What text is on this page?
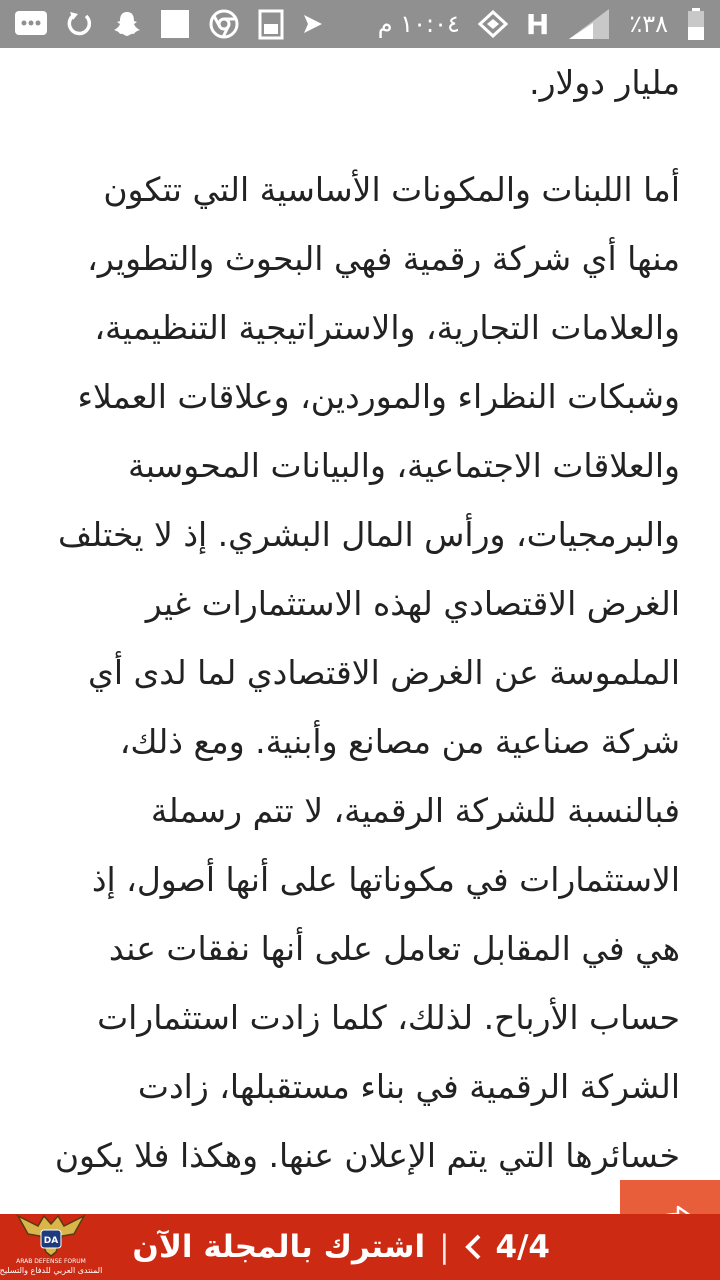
١٠:٠٤ م H	٪٣٨

مليار دولار.

أما اللبنات والمكونات الأساسية التي تتكون منها أي شركة رقمية فهي البحوث والتطوير، والعلامات التجارية، والاستراتيجية التنظيمية، وشبكات النظراء والموردين، وعلاقات العملاء والعلاقات الاجتماعية، والبيانات المحوسبة والبرمجيات، ورأس المال البشري. إذ لا يختلف الغرض الاقتصادي لهذه الاستثمارات غير الملموسة عن الغرض الاقتصادي لما لدى أي شركة صناعية من مصانع وأبنية. ومع ذلك، فبالنسبة للشركة الرقمية، لا تتم رسملة الاستثمارات في مكوناتها على أنها أصول، إذ هي في المقابل تعامل على أنها نفقات عند حساب الأرباح. لذلك، كلما زادت استثمارات الشركة الرقمية في بناء مستقبلها، زادت خسائرها التي يتم الإعلان عنها. وهكذا فلا يكون

4/4
|
اشترك بالمجلة الآن
DA
ARAB DEFENSE FORUM
المنتدى العربي للدفاع والتسليح
